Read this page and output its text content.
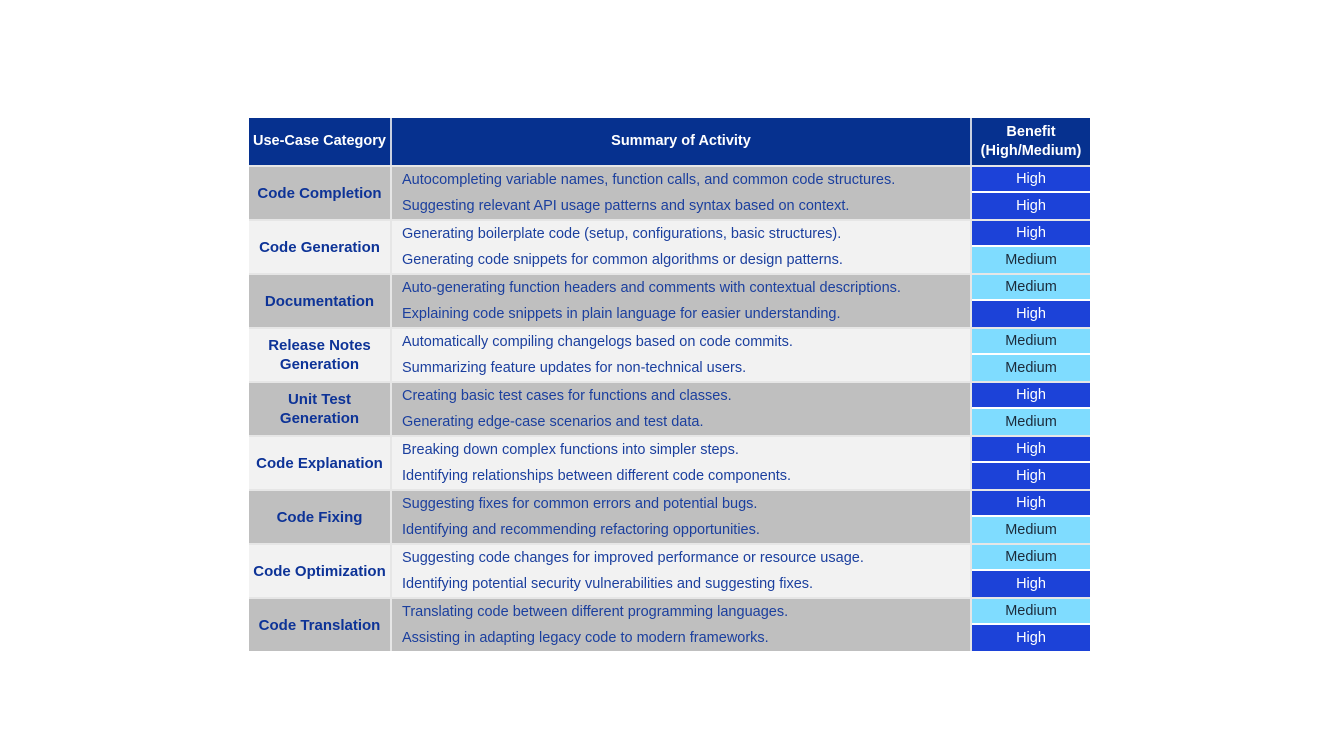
Use-Case Category	Summary of Activity
Benefit (High/Medium)
Code Completion
Autocompleting variable names, function calls, and common code structures.
Suggesting relevant API usage patterns and syntax based on context.
High
High
Code Generation
Generating boilerplate code (setup, configurations, basic structures).
Generating code snippets for common algorithms or design patterns.
High
Medium
Documentation
Auto-generating function headers and comments with contextual descriptions.
Explaining code snippets in plain language for easier understanding.
Medium
High
Release Notes Generation
Automatically compiling changelogs based on code commits.
Summarizing feature updates for non-technical users.
Medium
Medium
Unit Test Generation
Creating basic test cases for functions and classes.
Generating edge-case scenarios and test data.
High
Medium
Code Explanation
Breaking down complex functions into simpler steps.
Identifying relationships between different code components.
High
High
Code Fixing
Suggesting fixes for common errors and potential bugs.
Identifying and recommending refactoring opportunities.
High
Medium
Code Optimization
Suggesting code changes for improved performance or resource usage.
Identifying potential security vulnerabilities and suggesting fixes.
Medium
High
Code Translation
Translating code between different programming languages.
Assisting in adapting legacy code to modern frameworks.
Medium
High
